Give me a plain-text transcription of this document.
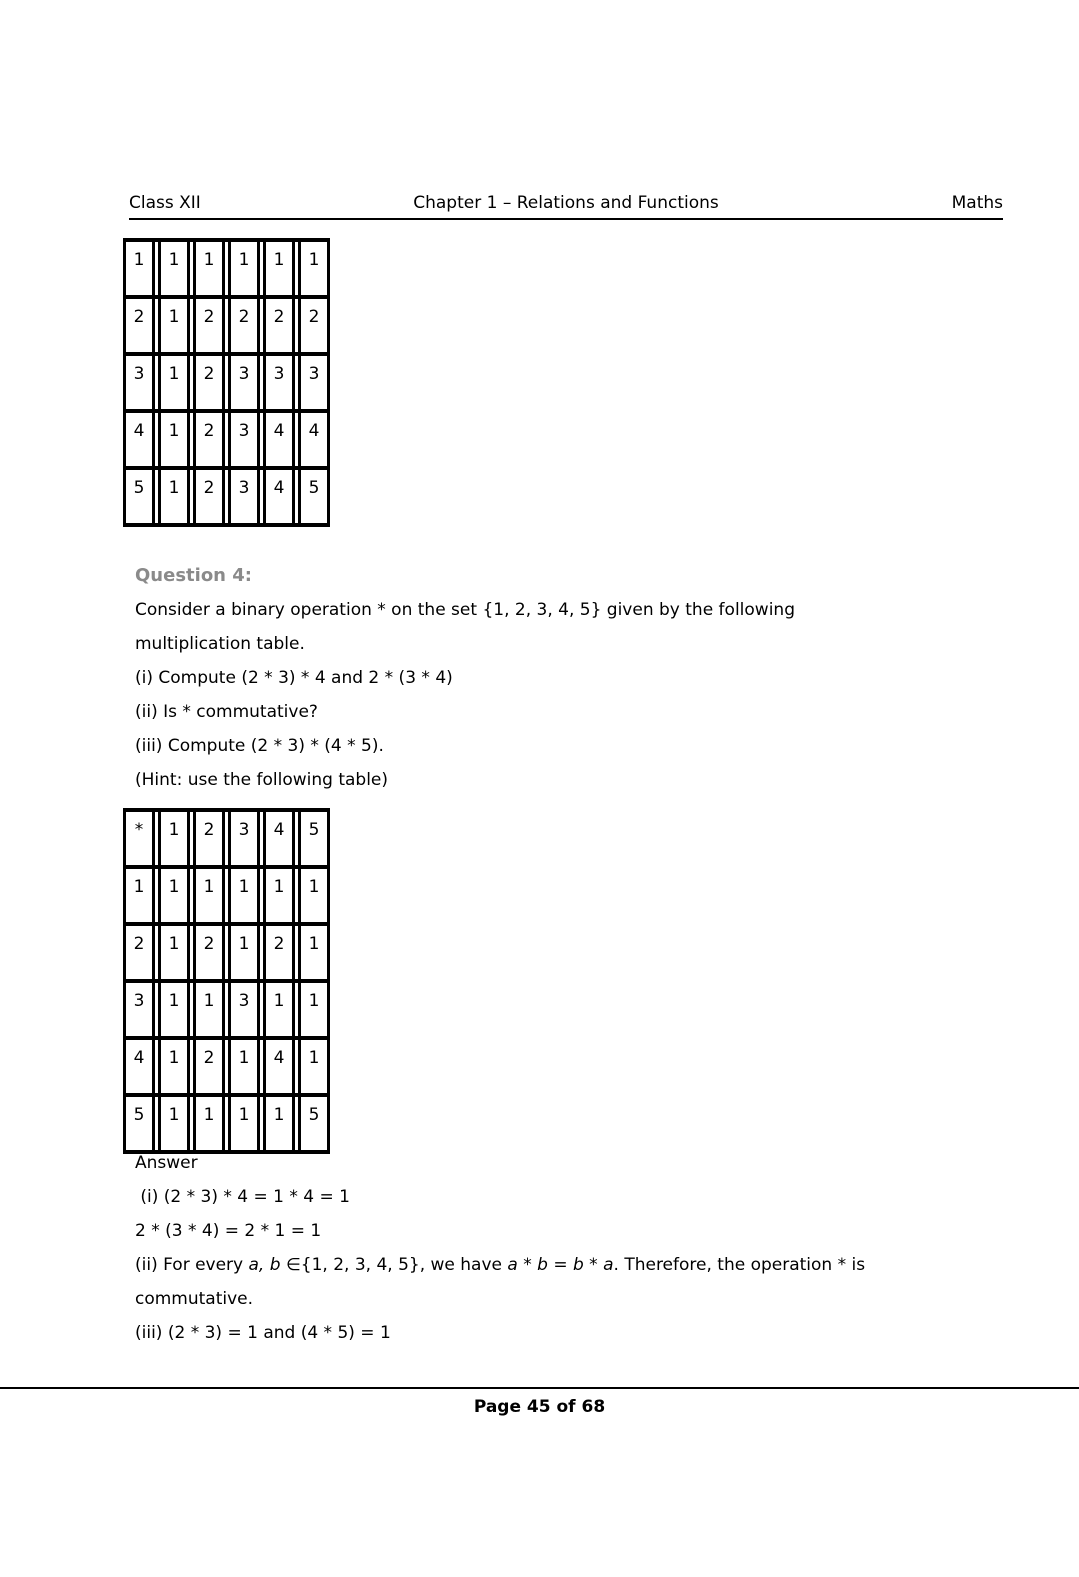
Class XII	Chapter 1 – Relations and Functions	Maths
1	1	1	1	1	1
2	1	2	2	2	2
3	1	2	3	3	3
4	1	2	3	4	4
5	1	2	3	4	5
Question 4:
Consider a binary operation * on the set {1, 2, 3, 4, 5} given by the following
multiplication table.
(i) Compute (2 * 3) * 4 and 2 * (3 * 4)
(ii) Is * commutative?
(iii) Compute (2 * 3) * (4 * 5).
(Hint: use the following table)
*	1	2	3	4	5
1	1	1	1	1	1
2	1	2	1	2	1
3	1	1	3	1	1
4	1	2	1	4	1
5	1	1	1	1	5
Answer
(i) (2 * 3) * 4 = 1 * 4 = 1
2 * (3 * 4) = 2 * 1 = 1
(ii) For every a, b ∈{1, 2, 3, 4, 5}, we have a * b = b * a. Therefore, the operation * is
commutative.
(iii) (2 * 3) = 1 and (4 * 5) = 1
Page 45 of 68
